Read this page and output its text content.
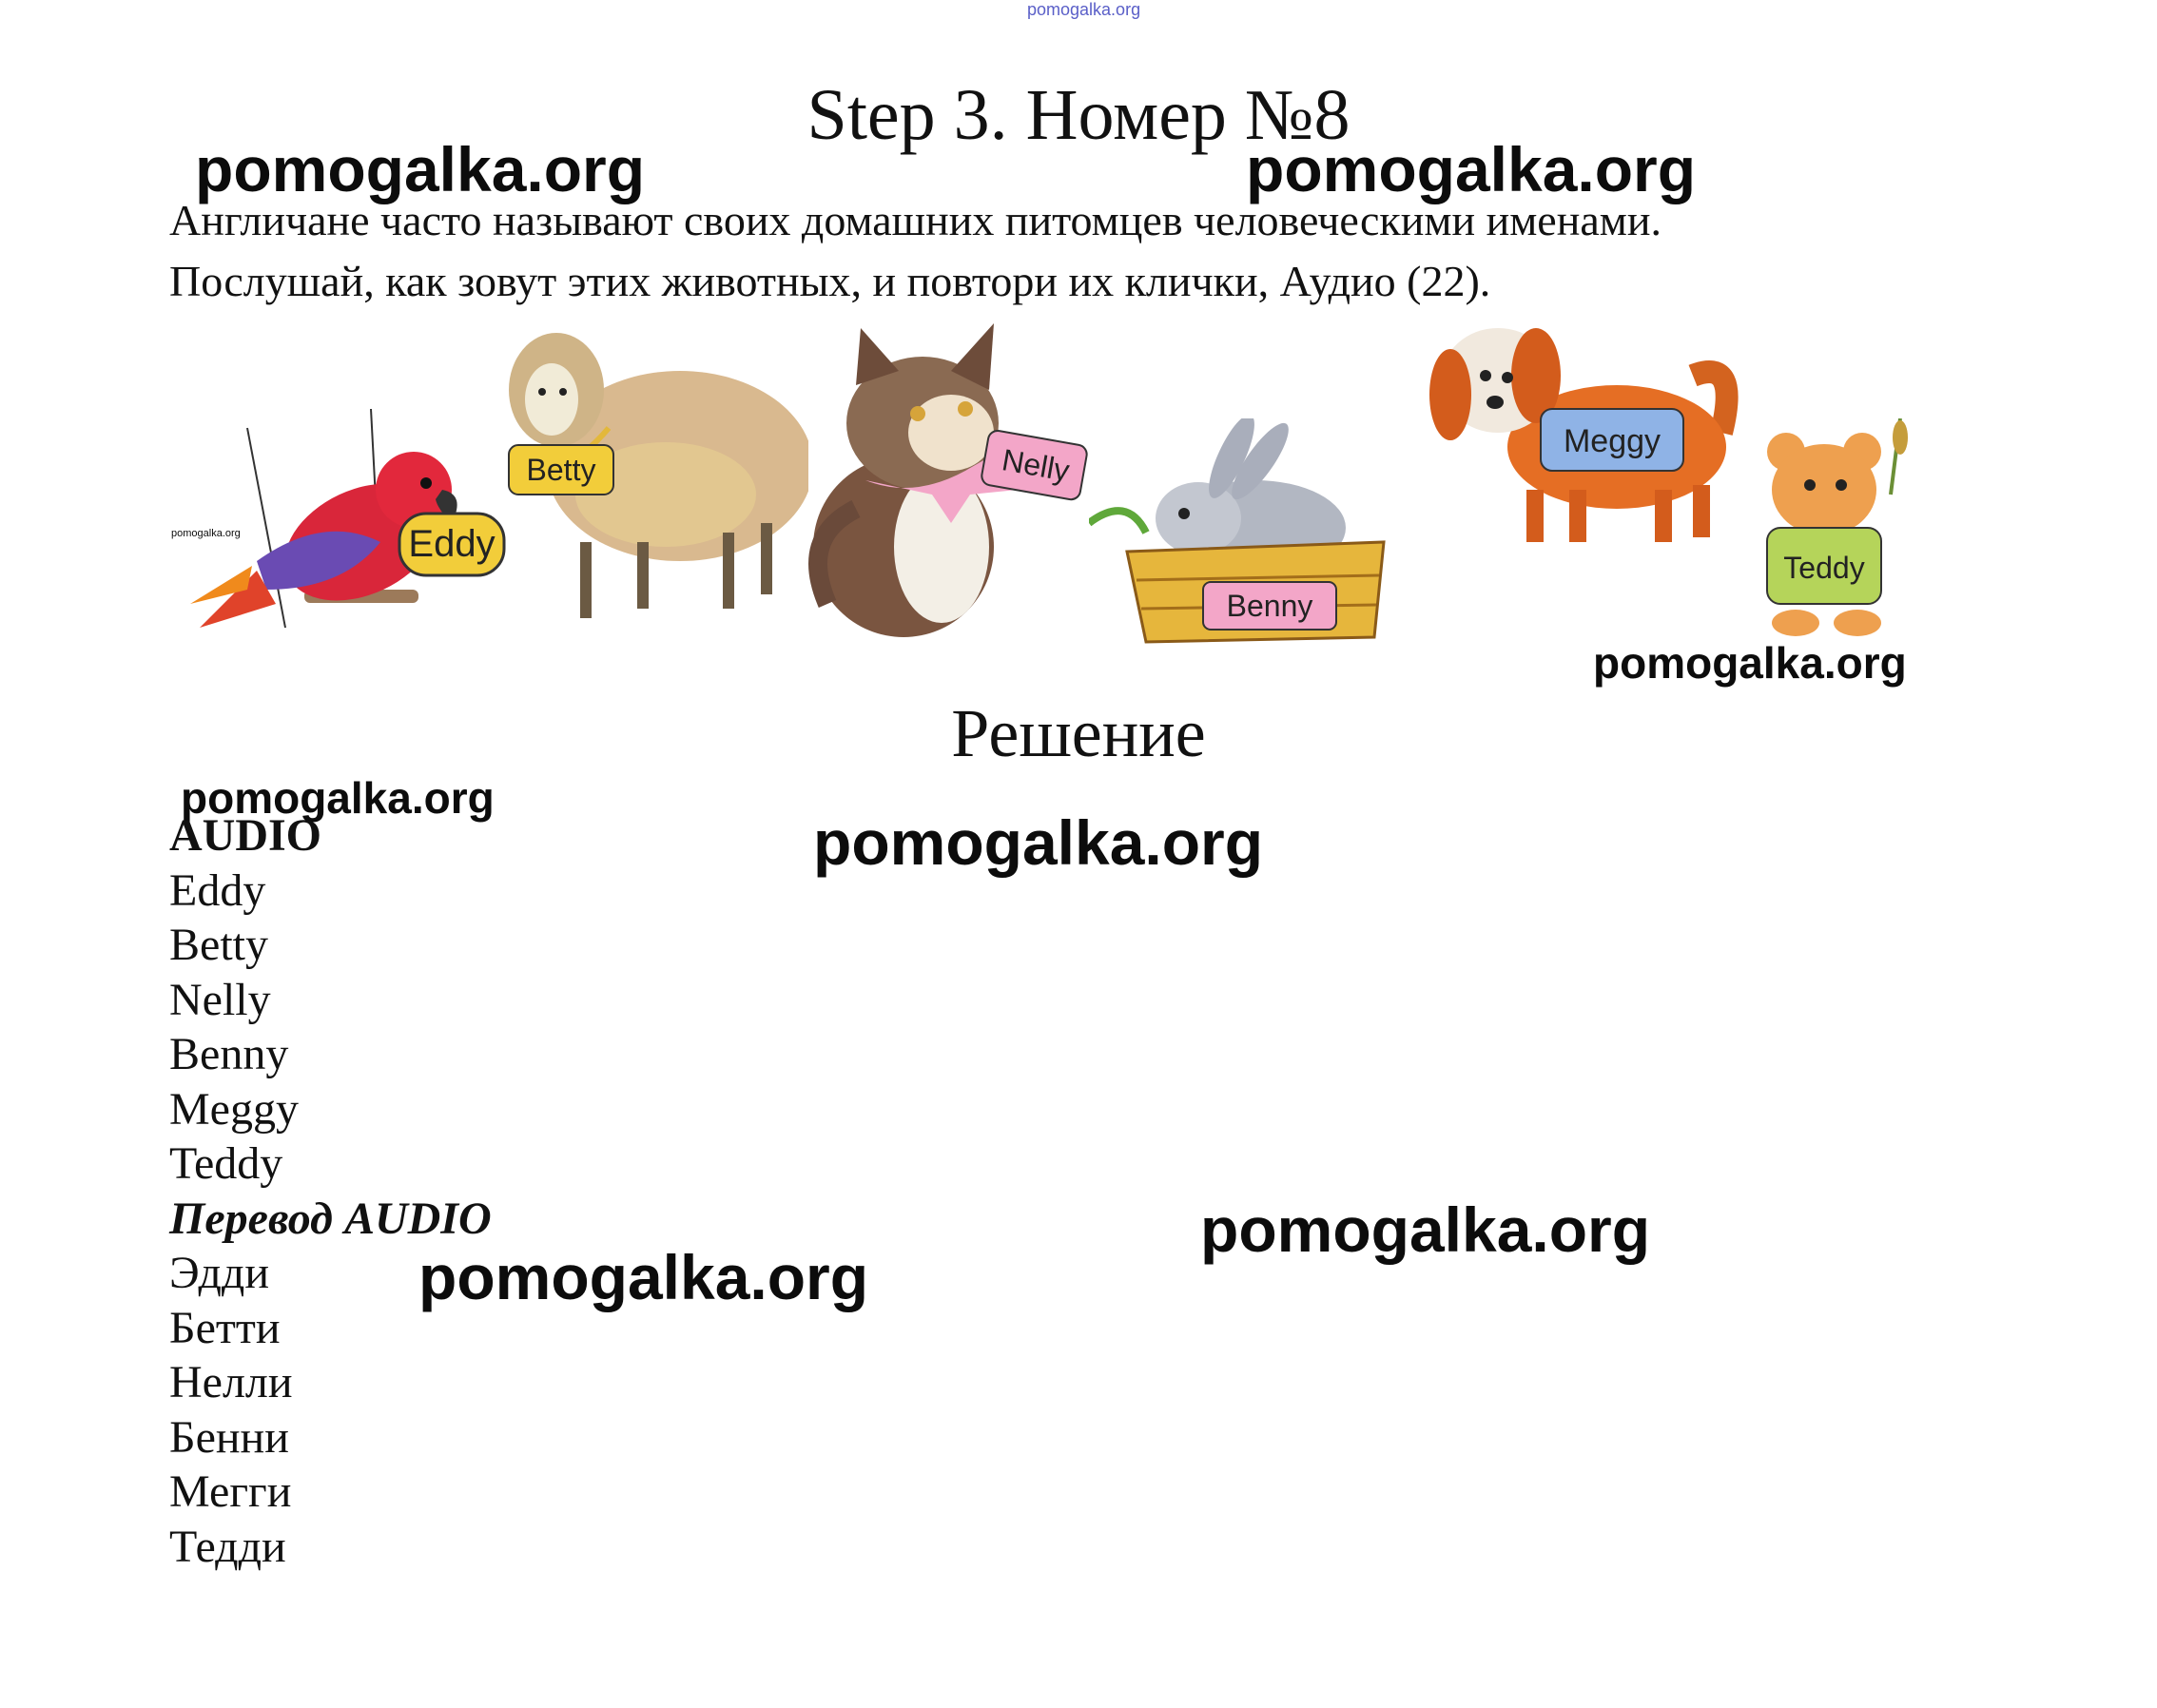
pomogalka.org
Step 3. Номер №8
Англичане часто называют своих домашних питомцев человеческими именами.
Послушай, как зовут этих животных, и повтори их клички, Аудио (22).
Eddy
Betty	Nelly
Benny
Meggy
Teddy
pomogalka.org
pomogalka.org	pomogalka.org
pomogalka.org
pomogalka.org
pomogalka.org
pomogalka.org
pomogalka.org
Решение
AUDIO
Eddy
Betty
Nelly
Benny
Meggy
Teddy
Перевод AUDIO
Эдди
Бетти
Нелли
Бенни
Мегги
Тедди
